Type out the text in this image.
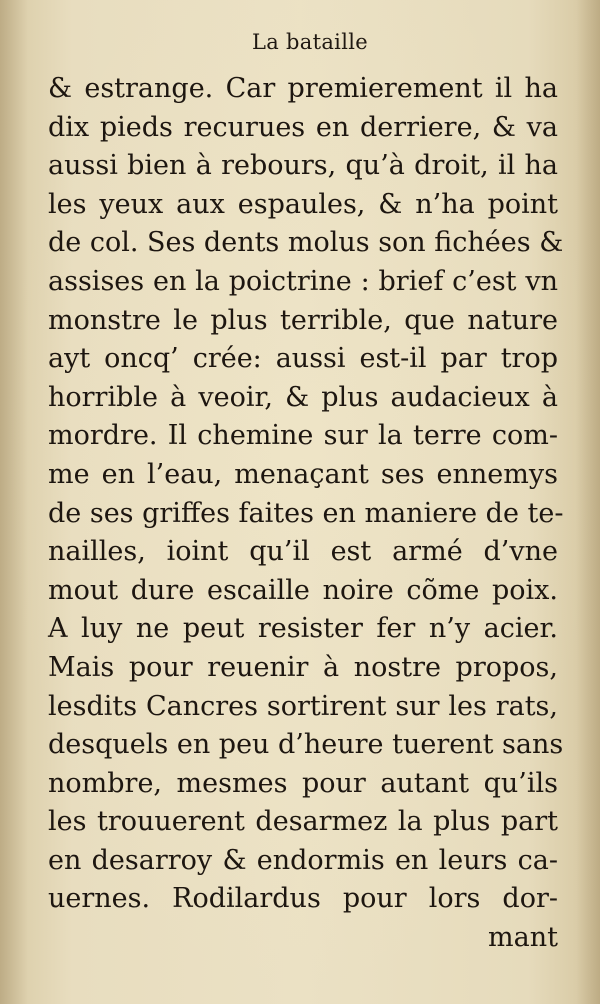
La bataille
& estrange. Car premierement il ha
dix pieds recurues en derriere, & va
aussi bien à rebours, qu’à droit, il ha
les yeux aux espaules, & n’ha point
de col. Ses dents molus son fichées &
assises en la poictrine : brief c’est vn
monstre le plus terrible, que nature
ayt oncq’ crée: aussi est-il par trop
horrible à veoir, & plus audacieux à
mordre. Il chemine sur la terre com-
me en l’eau, menaçant ses ennemys
de ses griffes faites en maniere de te-
nailles, ioint qu’il est armé d’vne
mout dure escaille noire cõme poix.
A luy ne peut resister fer n’y acier.
Mais pour reuenir à nostre propos,
lesdits Cancres sortirent sur les rats,
desquels en peu d’heure tuerent sans
nombre, mesmes pour autant qu’ils
les trouuerent desarmez la plus part
en desarroy & endormis en leurs ca-
uernes. Rodilardus pour lors dor-
mant
